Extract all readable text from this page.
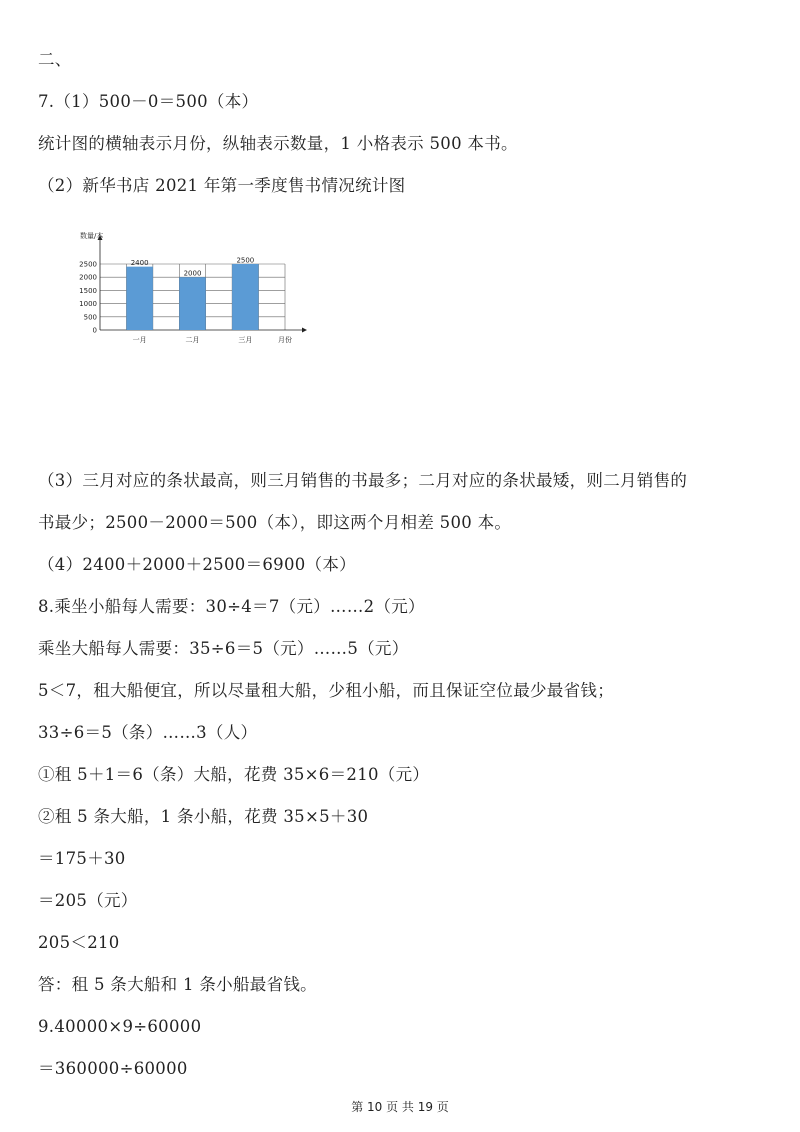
二、
7.（1）500－0＝500（本）
统计图的横轴表示月份，纵轴表示数量，1 小格表示 500 本书。
（2）新华书店 2021 年第一季度售书情况统计图
0
500
1000
1500
2000
2500
数量/本
月份
2400
一月
2000
二月
2500
三月
（3）三月对应的条状最高，则三月销售的书最多；二月对应的条状最矮，则二月销售的
书最少；2500－2000＝500（本），即这两个月相差 500 本。
（4）2400＋2000＋2500＝6900（本）
8.乘坐小船每人需要：30÷4＝7（元）……2（元）
乘坐大船每人需要：35÷6＝5（元）……5（元）
5＜7，租大船便宜，所以尽量租大船，少租小船，而且保证空位最少最省钱；
33÷6＝5（条）……3（人）
①租 5＋1＝6（条）大船，花费 35×6＝210（元）
②租 5 条大船，1 条小船，花费 35×5＋30
＝175＋30
＝205（元）
205＜210
答：租 5 条大船和 1 条小船最省钱。
9.40000×9÷60000
＝360000÷60000
第 10 页 共 19 页
